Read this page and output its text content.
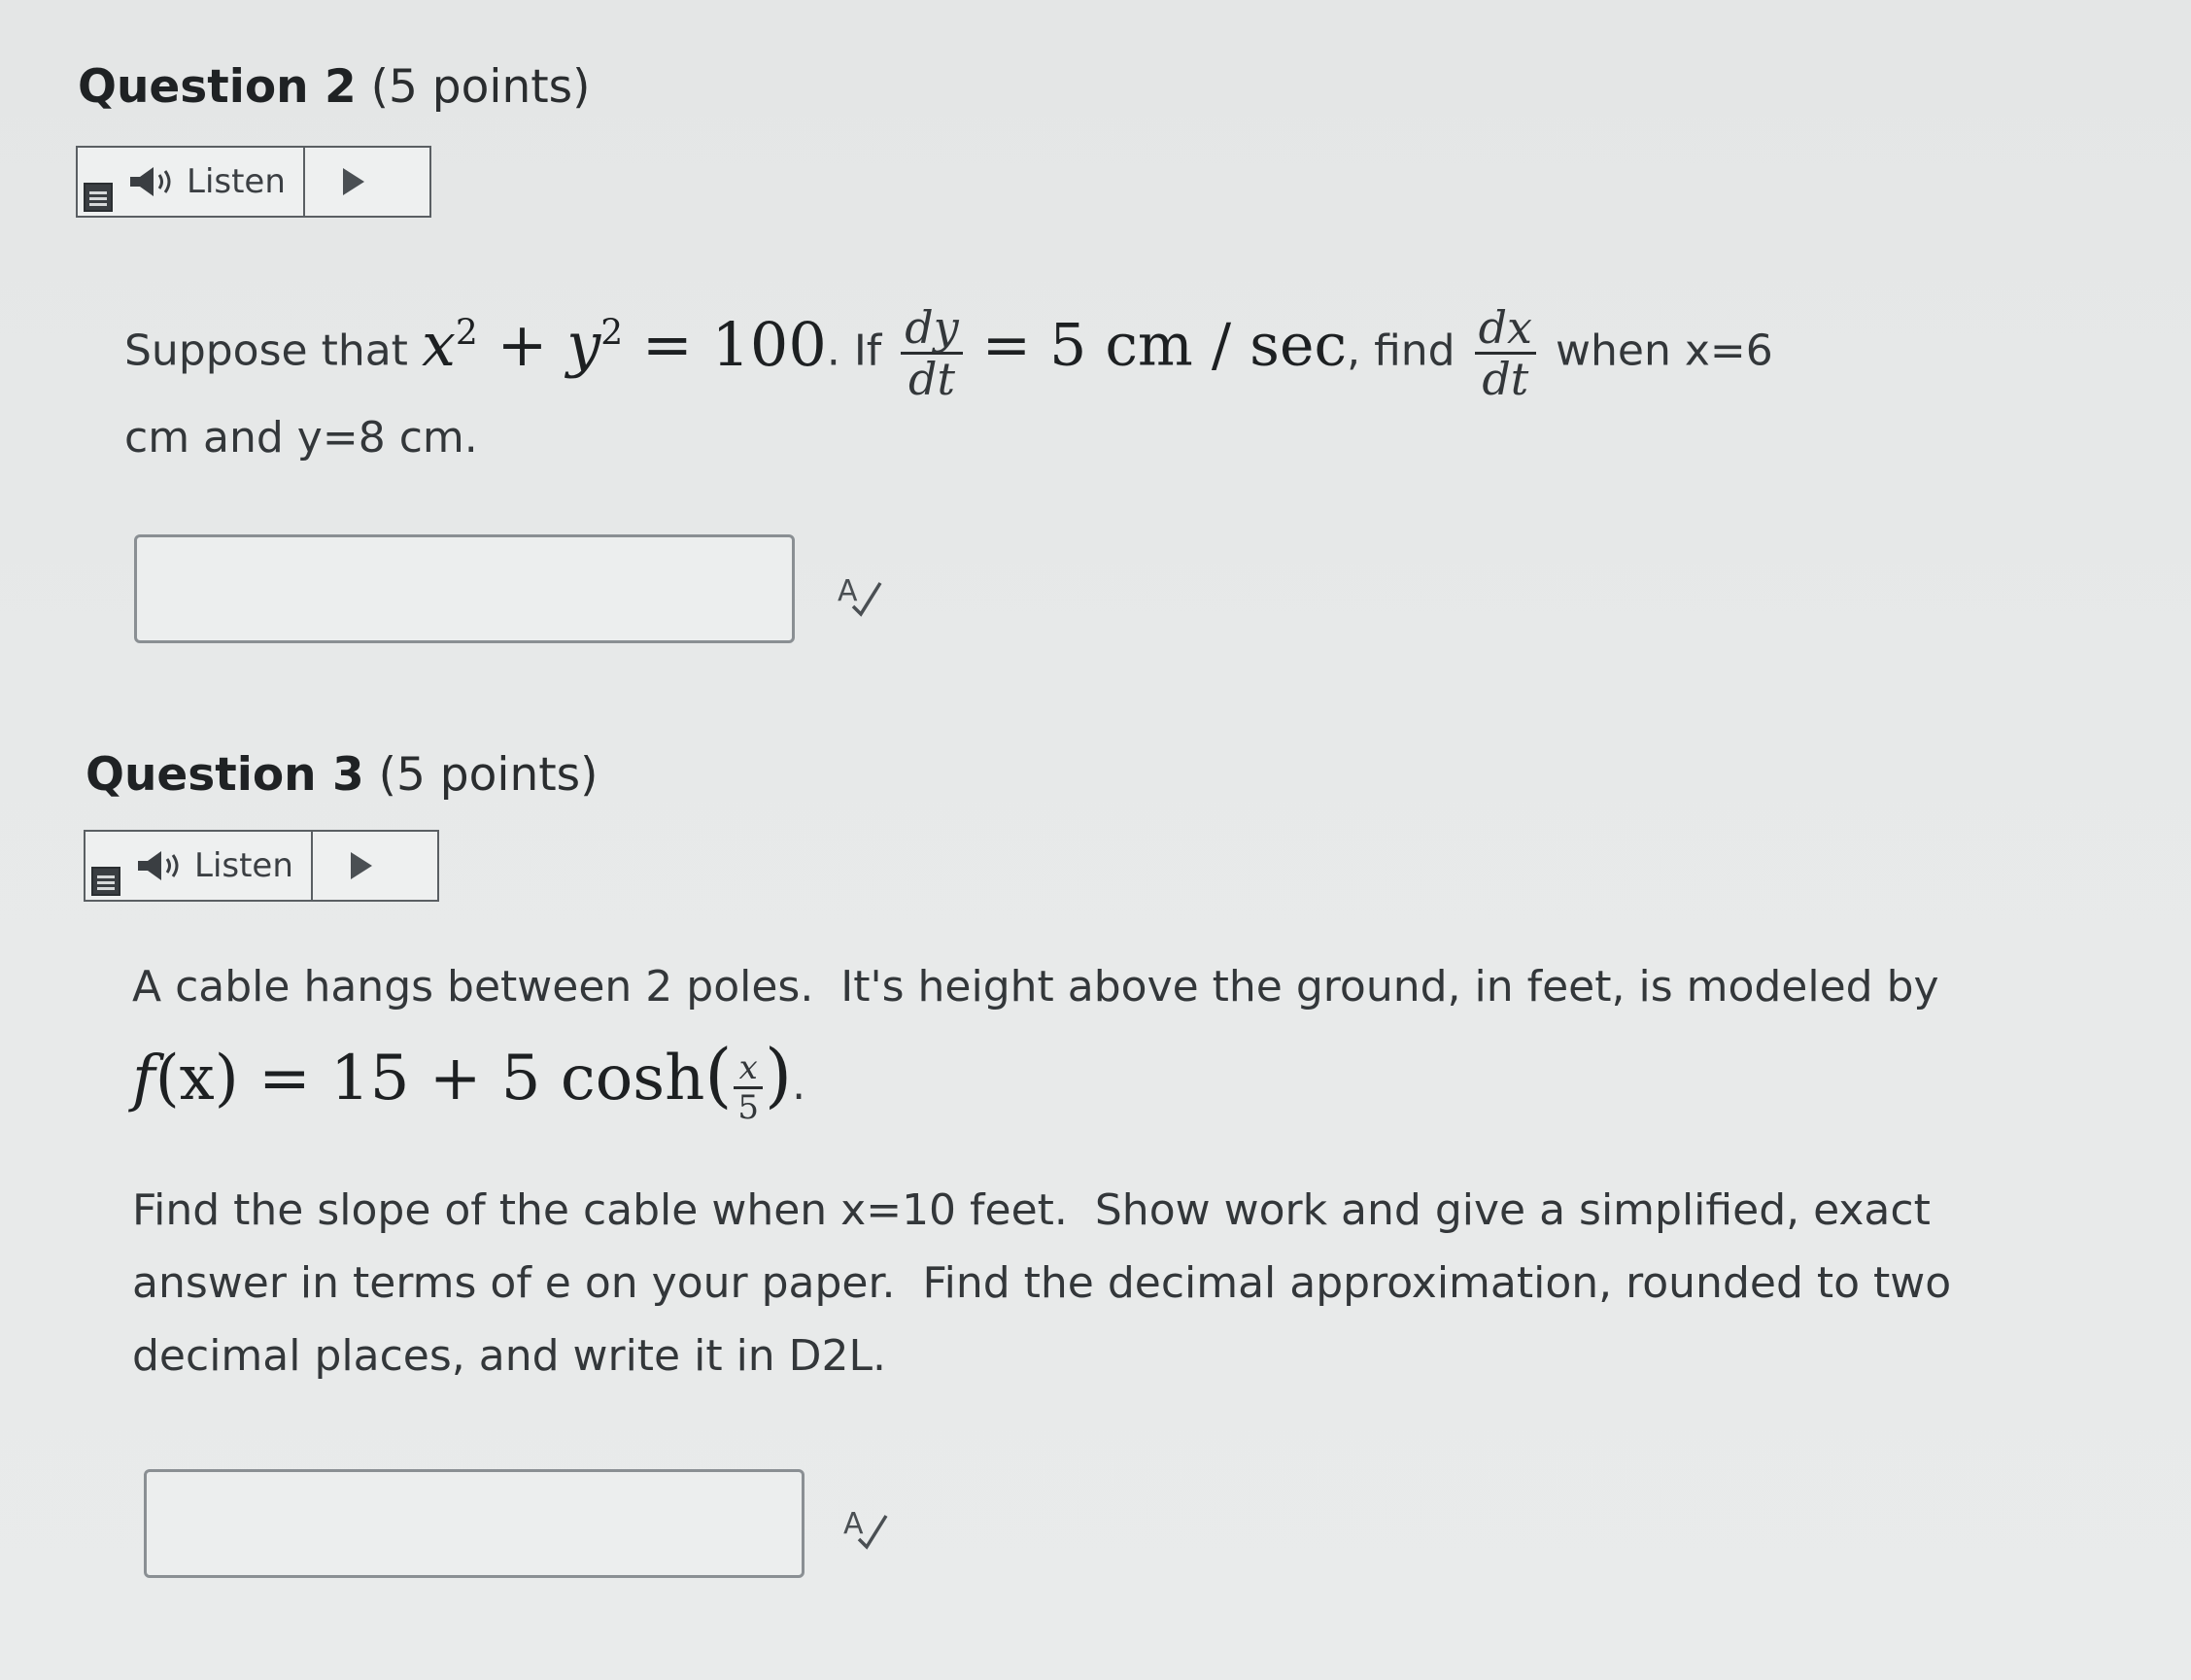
Question 2 (5 points)
Listen
Suppose that $x^2 + y^2 = 100$. If $\frac{dy}{dt} = 5$ cm / sec, find $\frac{dx}{dt}$ when x=6
cm and y=8 cm.
A
Question 3 (5 points)
Listen
A cable hangs between 2 poles.  It's height above the ground, in feet, is modeled by
f(x) = 15 + 5 $\cosh( \frac{x}{5}$ ).
Find the slope of the cable when x=10 feet.  Show work and give a simplified, exact
answer in terms of e on your paper.  Find the decimal approximation, rounded to two
decimal places, and write it in D2L.
A
